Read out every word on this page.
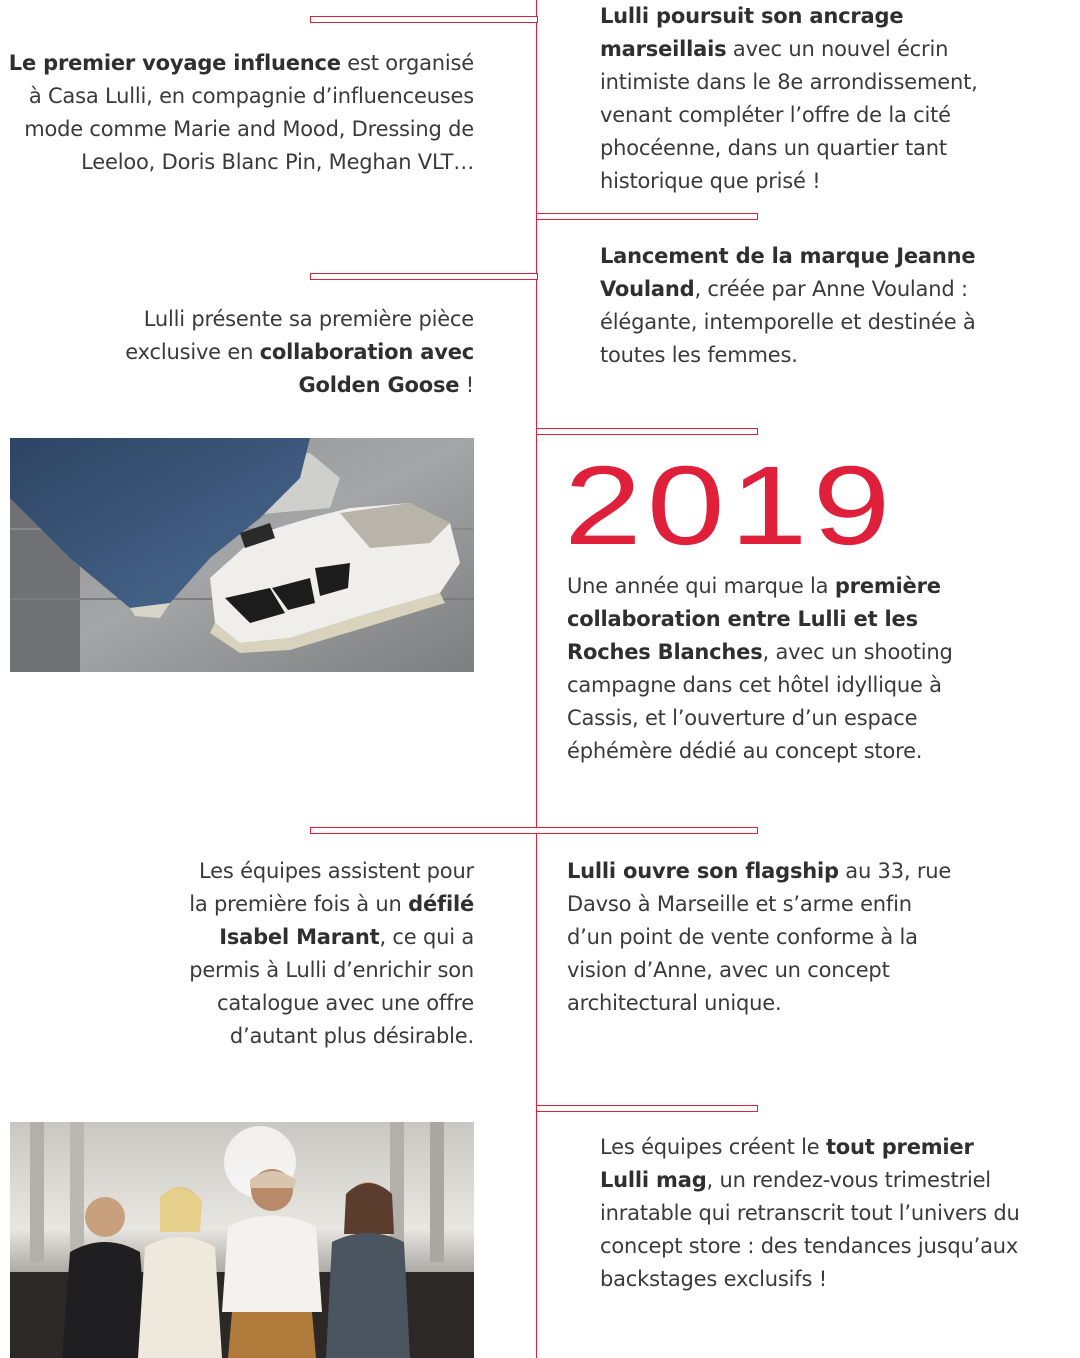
Le premier voyage influence est organisé à Casa Lulli, en compagnie d’influenceuses mode comme Marie and Mood, Dressing de Leeloo, Doris Blanc Pin, Meghan VLT…

Lulli poursuit son ancrage marseillais avec un nouvel écrin intimiste dans le 8e arrondissement, venant compléter l’offre de la cité phocéenne, dans un quartier tant historique que prisé !

Lancement de la marque Jeanne Vouland, créée par Anne Vouland : élégante, intemporelle et destinée à toutes les femmes.

Lulli présente sa première pièce exclusive en collaboration avec Golden Goose !

2019

Une année qui marque la première collaboration entre Lulli et les Roches Blanches, avec un shooting campagne dans cet hôtel idyllique à Cassis, et l’ouverture d’un espace éphémère dédié au concept store.

Les équipes assistent pour la première fois à un défilé Isabel Marant, ce qui a permis à Lulli d’enrichir son catalogue avec une offre d’autant plus désirable.

Lulli ouvre son flagship au 33, rue Davso à Marseille et s’arme enfin d’un point de vente conforme à la vision d’Anne, avec un concept architectural unique.

Les équipes créent le tout premier Lulli mag, un rendez-vous trimestriel inratable qui retranscrit tout l’univers du concept store : des tendances jusqu’aux backstages exclusifs !
